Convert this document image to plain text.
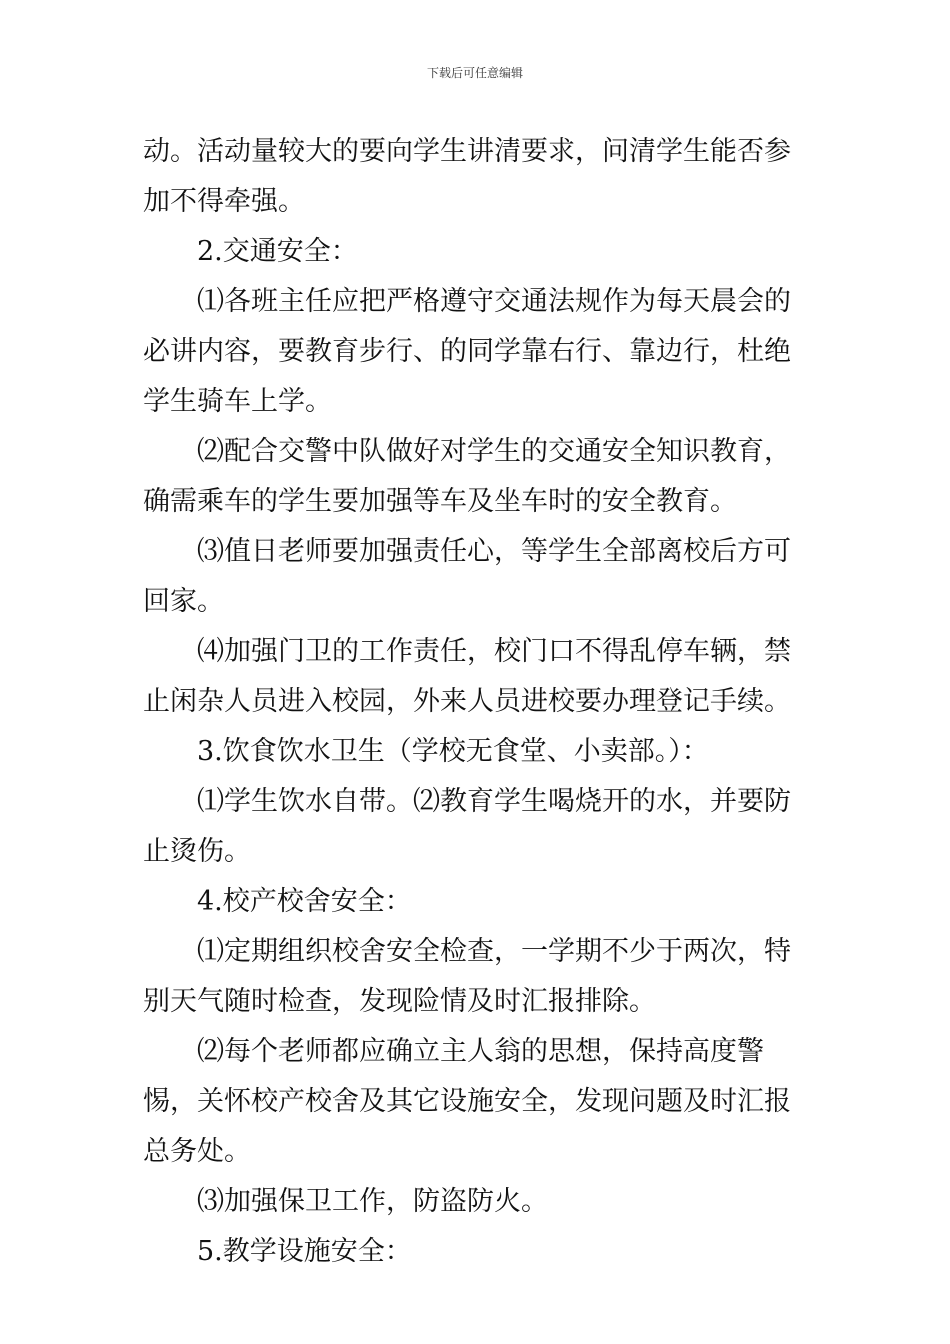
下载后可任意编辑

动。活动量较大的要向学生讲清要求，问清学生能否参加不得牵强。

2.交通安全：

⑴各班主任应把严格遵守交通法规作为每天晨会的必讲内容，要教育步行、的同学靠右行、靠边行，杜绝学生骑车上学。

⑵配合交警中队做好对学生的交通安全知识教育，确需乘车的学生要加强等车及坐车时的安全教育。

⑶值日老师要加强责任心，等学生全部离校后方可回家。

⑷加强门卫的工作责任，校门口不得乱停车辆，禁止闲杂人员进入校园，外来人员进校要办理登记手续。

3.饮食饮水卫生（学校无食堂、小卖部。）：

⑴学生饮水自带。⑵教育学生喝烧开的水，并要防止烫伤。

4.校产校舍安全：

⑴定期组织校舍安全检查，一学期不少于两次，特别天气随时检查，发现险情及时汇报排除。

⑵每个老师都应确立主人翁的思想，保持高度警惕，关怀校产校舍及其它设施安全，发现问题及时汇报总务处。

⑶加强保卫工作，防盗防火。

5.教学设施安全：
